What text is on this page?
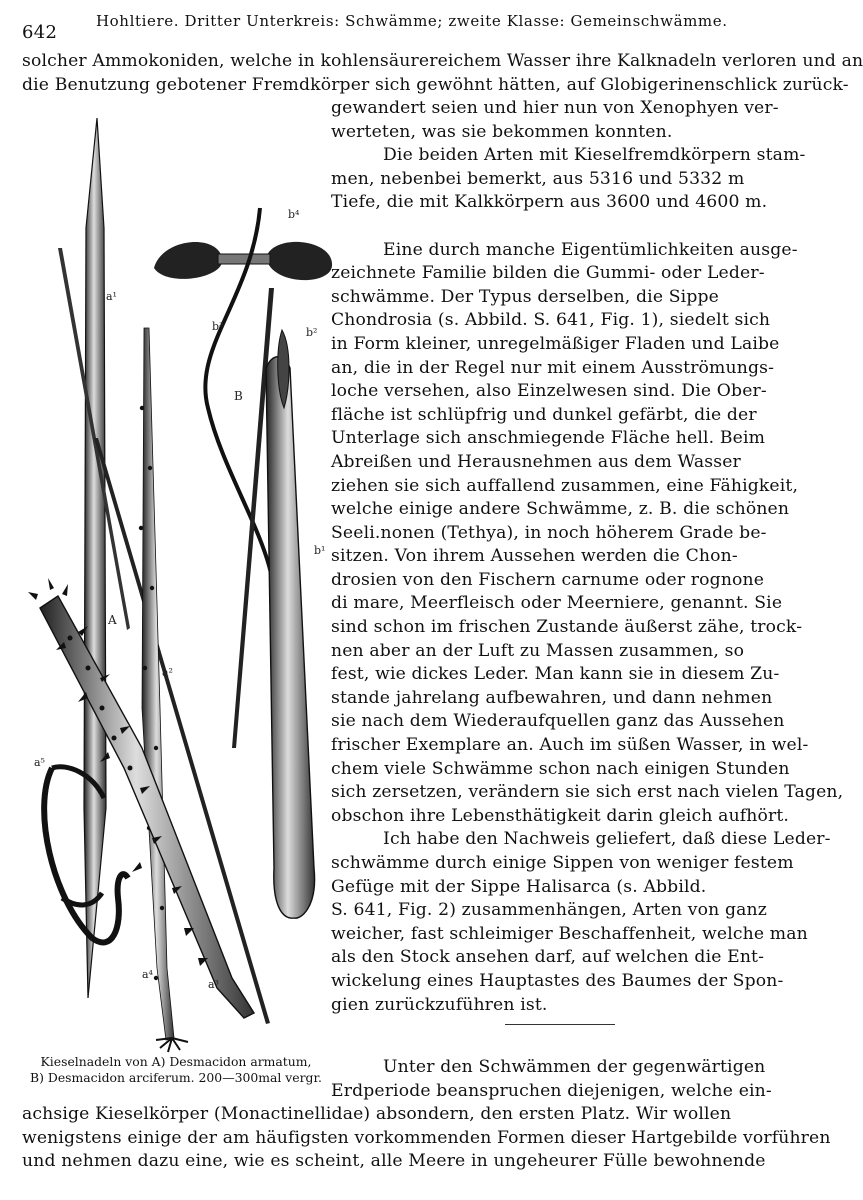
642
Hohltiere. Dritter Unterkreis: Schwämme; zweite Klasse: Gemeinschwämme.
solcher Ammokoniden, welche in kohlensäurereichem Wasser ihre Kalknadeln verloren und an
die Benutzung gebotener Fremdkörper sich gewöhnt hätten, auf Globigerinenschlick zurück-
gewandert seien und hier nun von Xenophyen ver-
werteten, was sie bekommen konnten.
Die beiden Arten mit Kieselfremdkörpern stam-
men, nebenbei bemerkt, aus 5316 und 5332 m
Tiefe, die mit Kalkkörpern aus 3600 und 4600 m.
Eine durch manche Eigentümlichkeiten ausge-
zeichnete Familie bilden die Gummi- oder Leder-
schwämme. Der Typus derselben, die Sippe
Chondrosia (s. Abbild. S. 641, Fig. 1), siedelt sich
in Form kleiner, unregelmäßiger Fladen und Laibe
an, die in der Regel nur mit einem Ausströmungs-
loche versehen, also Einzelwesen sind. Die Ober-
fläche ist schlüpfrig und dunkel gefärbt, die der
Unterlage sich anschmiegende Fläche hell. Beim
Abreißen und Herausnehmen aus dem Wasser
ziehen sie sich auffallend zusammen, eine Fähigkeit,
welche einige andere Schwämme, z. B. die schönen
Seeli.nonen (Tethya), in noch höherem Grade be-
sitzen. Von ihrem Aussehen werden die Chon-
drosien von den Fischern carnume oder rognone
di mare, Meerfleisch oder Meerniere, genannt. Sie
sind schon im frischen Zustande äußerst zähe, trock-
nen aber an der Luft zu Massen zusammen, so
fest, wie dickes Leder. Man kann sie in diesem Zu-
stande jahrelang aufbewahren, und dann nehmen
sie nach dem Wiederaufquellen ganz das Aussehen
frischer Exemplare an. Auch im süßen Wasser, in wel-
chem viele Schwämme schon nach einigen Stunden
sich zersetzen, verändern sie sich erst nach vielen Tagen,
obschon ihre Lebensthätigkeit darin gleich aufhört.
Ich habe den Nachweis geliefert, daß diese Leder-
schwämme durch einige Sippen von weniger festem
Gefüge mit der Sippe Halisarca (s. Abbild.
S. 641, Fig. 2) zusammenhängen, Arten von ganz
weicher, fast schleimiger Beschaffenheit, welche man
als den Stock ansehen darf, auf welchen die Ent-
wickelung eines Hauptastes des Baumes der Spon-
gien zurückzuführen ist.
Unter den Schwämmen der gegenwärtigen
Erdperiode beanspruchen diejenigen, welche ein-
achsige Kieselkörper (Monactinellidae) absondern, den ersten Platz. Wir wollen
wenigstens einige der am häufigsten vorkommenden Formen dieser Hartgebilde vorführen
und nehmen dazu eine, wie es scheint, alle Meere in ungeheurer Fülle bewohnende
a¹
a²
a³
a⁴
a⁵
A
B
b⁴
b³	b²
b¹
Kieselnadeln von A) Desmacidon armatum,
B) Desmacidon arciferum. 200—300mal vergr.
